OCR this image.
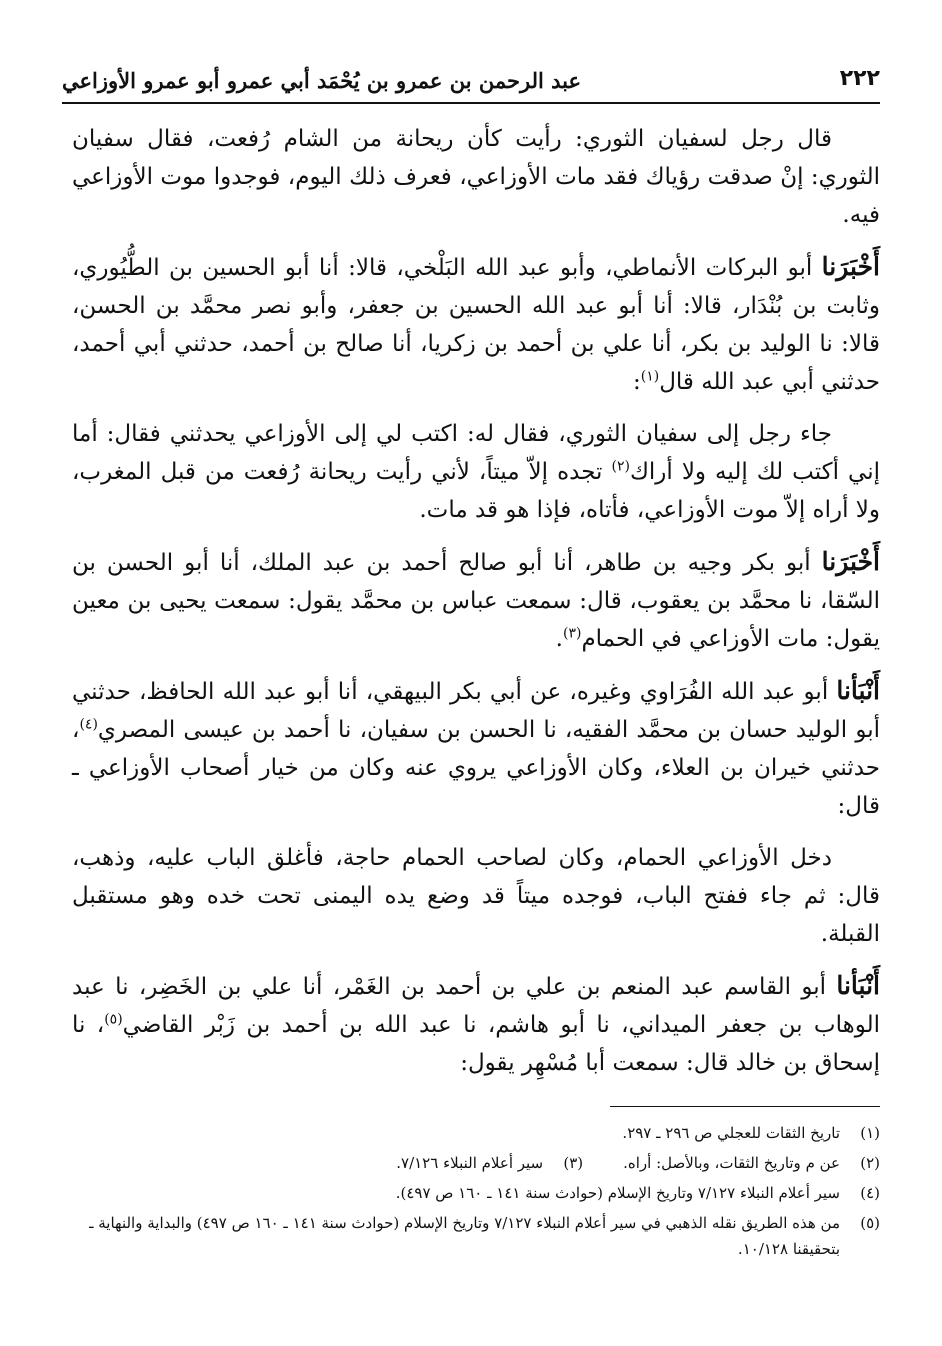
٢٢٢
عبد الرحمن بن عمرو بن يُحْمَد أبي عمرو أبو عمرو الأوزاعي

قال رجل لسفيان الثوري: رأيت كأن ريحانة من الشام رُفعت، فقال سفيان الثوري: إنْ صدقت رؤياك فقد مات الأوزاعي، فعرف ذلك اليوم، فوجدوا موت الأوزاعي فيه.

أَخْبَرَنا أبو البركات الأنماطي، وأبو عبد الله البَلْخي، قالا: أنا أبو الحسين بن الطُّيُوري، وثابت بن بُنْدَار، قالا: أنا أبو عبد الله الحسين بن جعفر، وأبو نصر محمَّد بن الحسن، قالا: نا الوليد بن بكر، أنا علي بن أحمد بن زكريا، أنا صالح بن أحمد، حدثني أبي أحمد، حدثني أبي عبد الله قال$^{(١)}$:

جاء رجل إلى سفيان الثوري، فقال له: اكتب لي إلى الأوزاعي يحدثني فقال: أما إني أكتب لك إليه ولا أراك$^{(٢)}$ تجده إلاّ ميتاً، لأني رأيت ريحانة رُفعت من قبل المغرب، ولا أراه إلاّ موت الأوزاعي، فأتاه، فإذا هو قد مات.

أَخْبَرَنا أبو بكر وجيه بن طاهر، أنا أبو صالح أحمد بن عبد الملك، أنا أبو الحسن بن السّقا، نا محمَّد بن يعقوب، قال: سمعت عباس بن محمَّد يقول: سمعت يحيى بن معين يقول: مات الأوزاعي في الحمام$^{(٣)}$.

أَنْبَأنا أبو عبد الله الفُرَاوي وغيره، عن أبي بكر البيهقي، أنا أبو عبد الله الحافظ، حدثني أبو الوليد حسان بن محمَّد الفقيه، نا الحسن بن سفيان، نا أحمد بن عيسى المصري$^{(٤)}$، حدثني خيران بن العلاء، وكان الأوزاعي يروي عنه وكان من خيار أصحاب الأوزاعي ـ قال:

دخل الأوزاعي الحمام، وكان لصاحب الحمام حاجة، فأغلق الباب عليه، وذهب، قال: ثم جاء ففتح الباب، فوجده ميتاً قد وضع يده اليمنى تحت خده وهو مستقبل القبلة.

أَنْبَأنا أبو القاسم عبد المنعم بن علي بن أحمد بن الغَمْر، أنا علي بن الخَضِر، نا عبد الوهاب بن جعفر الميداني، نا أبو هاشم، نا عبد الله بن أحمد بن زَبْر القاضي$^{(٥)}$، نا إسحاق بن خالد قال: سمعت أبا مُسْهِر يقول:

(١)
تاريخ الثقات للعجلي ص ٢٩٦ ـ ٢٩٧.
(٢)
عن م وتاريخ الثقات، وبالأصل: أراه.
(٣)
سير أعلام النبلاء ٧/١٢٦.
(٤)
سير أعلام النبلاء ٧/١٢٧ وتاريخ الإسلام (حوادث سنة ١٤١ ـ ١٦٠ ص ٤٩٧).
(٥)
من هذه الطريق نقله الذهبي في سير أعلام النبلاء ٧/١٢٧ وتاريخ الإسلام (حوادث سنة ١٤١ ـ ١٦٠ ص ٤٩٧) والبداية والنهاية ـ بتحقيقنا ١٠/١٢٨.
